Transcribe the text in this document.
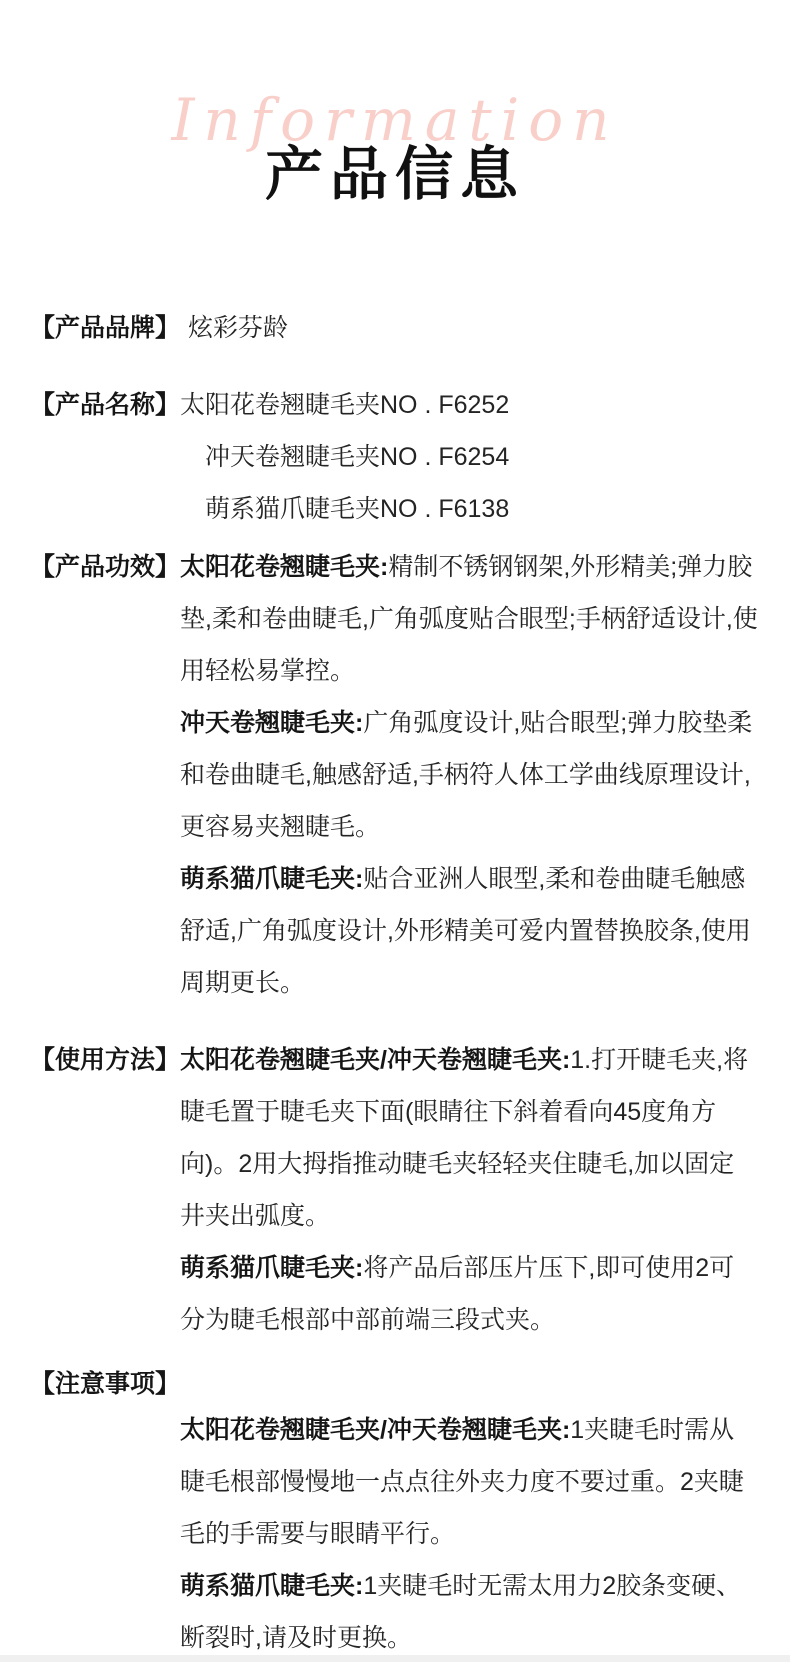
Information
产品信息
【产品品牌】 炫彩芬龄
【产品名称】 太阳花卷翘睫毛夹NO . F6252
冲天卷翘睫毛夹NO . F6254
萌系猫爪睫毛夹NO . F6138
【产品功效】 太阳花卷翘睫毛夹:精制不锈钢钢架,外形精美;弹力胶垫,柔和卷曲睫毛,广角弧度贴合眼型;手柄舒适设计,使用轻松易掌控。

冲天卷翘睫毛夹:广角弧度设计,贴合眼型;弹力胶垫柔和卷曲睫毛,触感舒适,手柄符人体工学曲线原理设计,更容易夹翘睫毛。

萌系猫爪睫毛夹:贴合亚洲人眼型,柔和卷曲睫毛触感舒适,广角弧度设计,外形精美可爱内置替换胶条,使用周期更长。

【使用方法】 太阳花卷翘睫毛夹/冲天卷翘睫毛夹:1.打开睫毛夹,将睫毛置于睫毛夹下面(眼睛往下斜着看向45度角方向)。2用大拇指推动睫毛夹轻轻夹住睫毛,加以固定井夹出弧度。

萌系猫爪睫毛夹:将产品后部压片压下,即可使用2可分为睫毛根部中部前端三段式夹。

【注意事项】

太阳花卷翘睫毛夹/冲天卷翘睫毛夹:1夹睫毛时需从睫毛根部慢慢地一点点往外夹力度不要过重。2夹睫毛的手需要与眼睛平行。

萌系猫爪睫毛夹:1夹睫毛时无需太用力2胶条变硬、断裂时,请及时更换。
